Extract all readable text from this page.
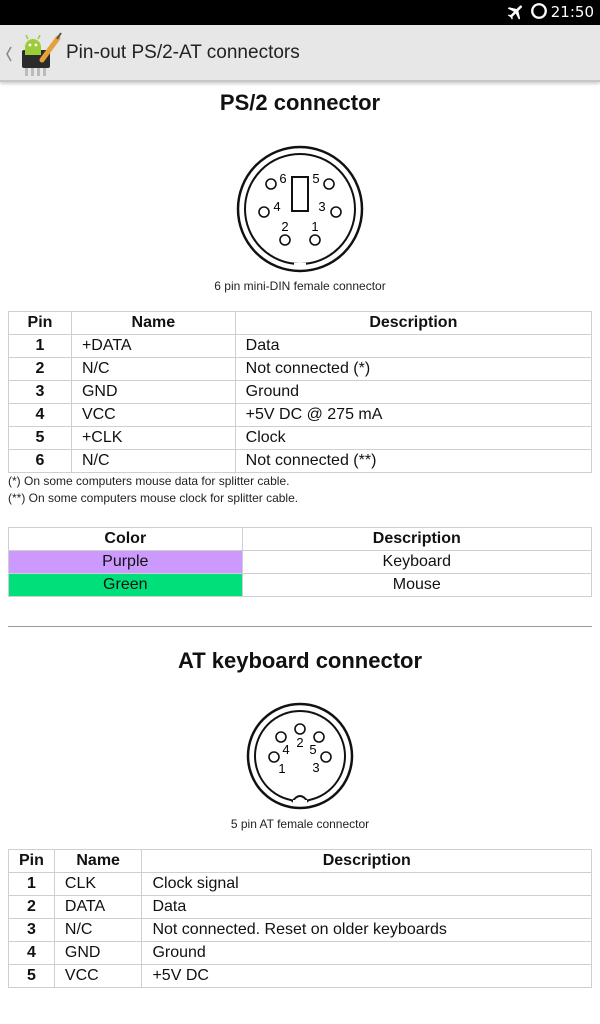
21:50
Pin-out PS/2-AT connectors
PS/2 connector
6 5
4	3
2 1
6 pin mini-DIN female connector
Pin	Name	Description
1	+DATA	Data
2	N/C	Not connected (*)
3	GND	Ground
4	VCC	+5V DC @ 275 mA
5	+CLK	Clock
6	N/C	Not connected (**)
(*) On some computers mouse data for splitter cable.
(**) On some computers mouse clock for splitter cable.
Color	Description
Purple	Keyboard
Green	Mouse
AT keyboard connector
1
2
3
4 5
5 pin AT female connector
Pin	Name	Description
1	CLK	Clock signal
2	DATA	Data
3	N/C	Not connected. Reset on older keyboards
4	GND	Ground
5	VCC	+5V DC
